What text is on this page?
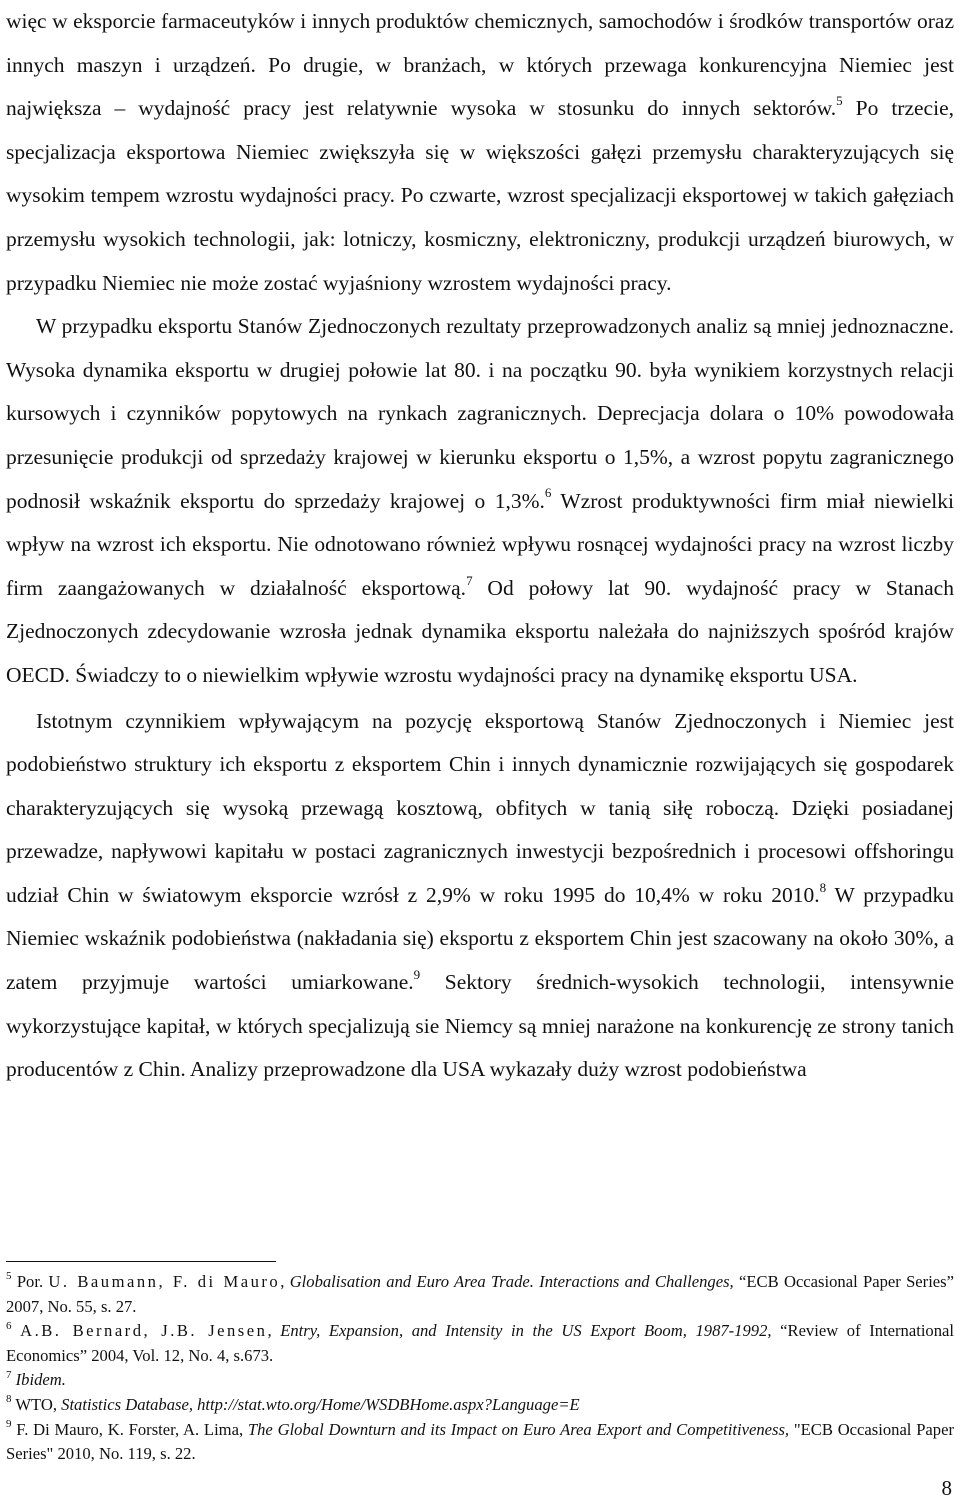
więc w eksporcie farmaceutyków i innych produktów chemicznych, samochodów i środków transportów oraz innych maszyn i urządzeń. Po drugie, w branżach, w których przewaga konkurencyjna Niemiec jest największa – wydajność pracy jest relatywnie wysoka w stosunku do innych sektorów.$^5$ Po trzecie, specjalizacja eksportowa Niemiec zwiększyła się w większości gałęzi przemysłu charakteryzujących się wysokim tempem wzrostu wydajności pracy. Po czwarte, wzrost specjalizacji eksportowej w takich gałęziach przemysłu wysokich technologii, jak: lotniczy, kosmiczny, elektroniczny, produkcji urządzeń biurowych, w przypadku Niemiec nie może zostać wyjaśniony wzrostem wydajności pracy.

W przypadku eksportu Stanów Zjednoczonych rezultaty przeprowadzonych analiz są mniej jednoznaczne. Wysoka dynamika eksportu w drugiej połowie lat 80. i na początku 90. była wynikiem korzystnych relacji kursowych i czynników popytowych na rynkach zagranicznych. Deprecjacja dolara o 10% powodowała przesunięcie produkcji od sprzedaży krajowej w kierunku eksportu o 1,5%, a wzrost popytu zagranicznego podnosił wskaźnik eksportu do sprzedaży krajowej o 1,3%.$^6$ Wzrost produktywności firm miał niewielki wpływ na wzrost ich eksportu. Nie odnotowano również wpływu rosnącej wydajności pracy na wzrost liczby firm zaangażowanych w działalność eksportową.$^7$ Od połowy lat 90. wydajność pracy w Stanach Zjednoczonych zdecydowanie wzrosła jednak dynamika eksportu należała do najniższych spośród krajów OECD. Świadczy to o niewielkim wpływie wzrostu wydajności pracy na dynamikę eksportu USA.

Istotnym czynnikiem wpływającym na pozycję eksportową Stanów Zjednoczonych i Niemiec jest podobieństwo struktury ich eksportu z eksportem Chin i innych dynamicznie rozwijających się gospodarek charakteryzujących się wysoką przewagą kosztową, obfitych w tanią siłę roboczą. Dzięki posiadanej przewadze, napływowi kapitału w postaci zagranicznych inwestycji bezpośrednich i procesowi offshoringu udział Chin w światowym eksporcie wzrósł z 2,9% w roku 1995 do 10,4% w roku 2010.$^8$ W przypadku Niemiec wskaźnik podobieństwa (nakładania się) eksportu z eksportem Chin jest szacowany na około 30%, a zatem przyjmuje wartości umiarkowane.$^9$ Sektory średnich-wysokich technologii, intensywnie wykorzystujące kapitał, w których specjalizują sie Niemcy są mniej narażone na konkurencję ze strony tanich producentów z Chin. Analizy przeprowadzone dla USA wykazały duży wzrost podobieństwa

$^5$ Por. U. Baumann, F. di Mauro, Globalisation and Euro Area Trade. Interactions and Challenges, “ECB Occasional Paper Series” 2007, No. 55, s. 27.

$^6$ A.B. Bernard, J.B. Jensen, Entry, Expansion, and Intensity in the US Export Boom, 1987-1992, “Review of International Economics” 2004, Vol. 12, No. 4, s.673.

$^7$ Ibidem.

$^8$ WTO, Statistics Database, http://stat.wto.org/Home/WSDBHome.aspx?Language=E

$^9$ F. Di Mauro, K. Forster, A. Lima, The Global Downturn and its Impact on Euro Area Export and Competitiveness, "ECB Occasional Paper Series" 2010, No. 119, s. 22.

8
